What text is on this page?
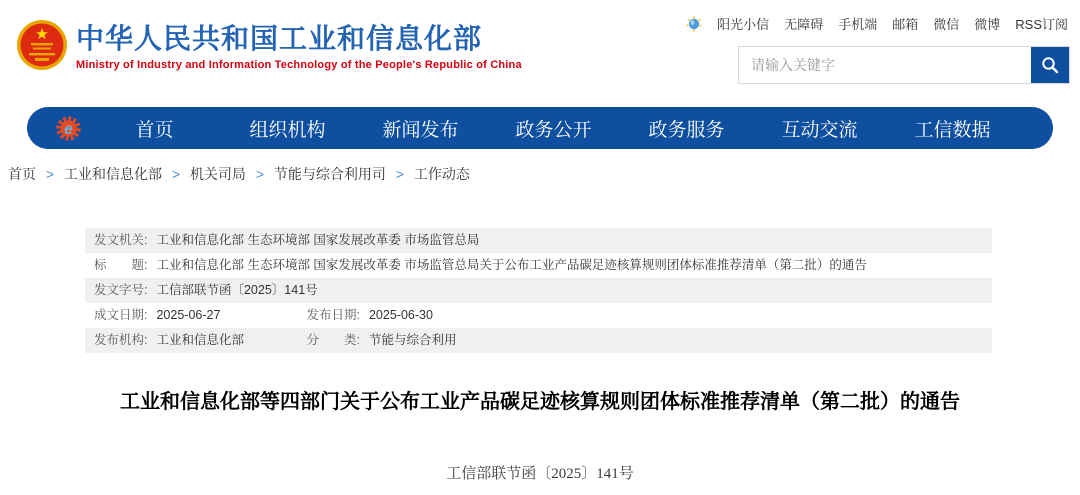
中华人民共和国工业和信息化部
Ministry of Industry and Information Technology of the People's Republic of China
阳光小信 无障碍 手机端 邮箱 微信 微博 RSS订阅
请输入关键字
e	首页	组织机构	新闻发布	政务公开	政务服务	互动交流	工信数据
首页 > 工业和信息化部 > 机关司局 > 节能与综合利用司 > 工作动态
发文机关: 工业和信息化部 生态环境部 国家发展改革委 市场监管总局
标　　题: 工业和信息化部 生态环境部 国家发展改革委 市场监管总局关于公布工业产品碳足迹核算规则团体标准推荐清单（第二批）的通告
发文字号: 工信部联节函〔2025〕141号
成文日期: 2025-06-27	发布日期: 2025-06-30
发布机构: 工业和信息化部	分　　类: 节能与综合利用
工业和信息化部等四部门关于公布工业产品碳足迹核算规则团体标准推荐清单（第二批）的通告
工信部联节函〔2025〕141号
